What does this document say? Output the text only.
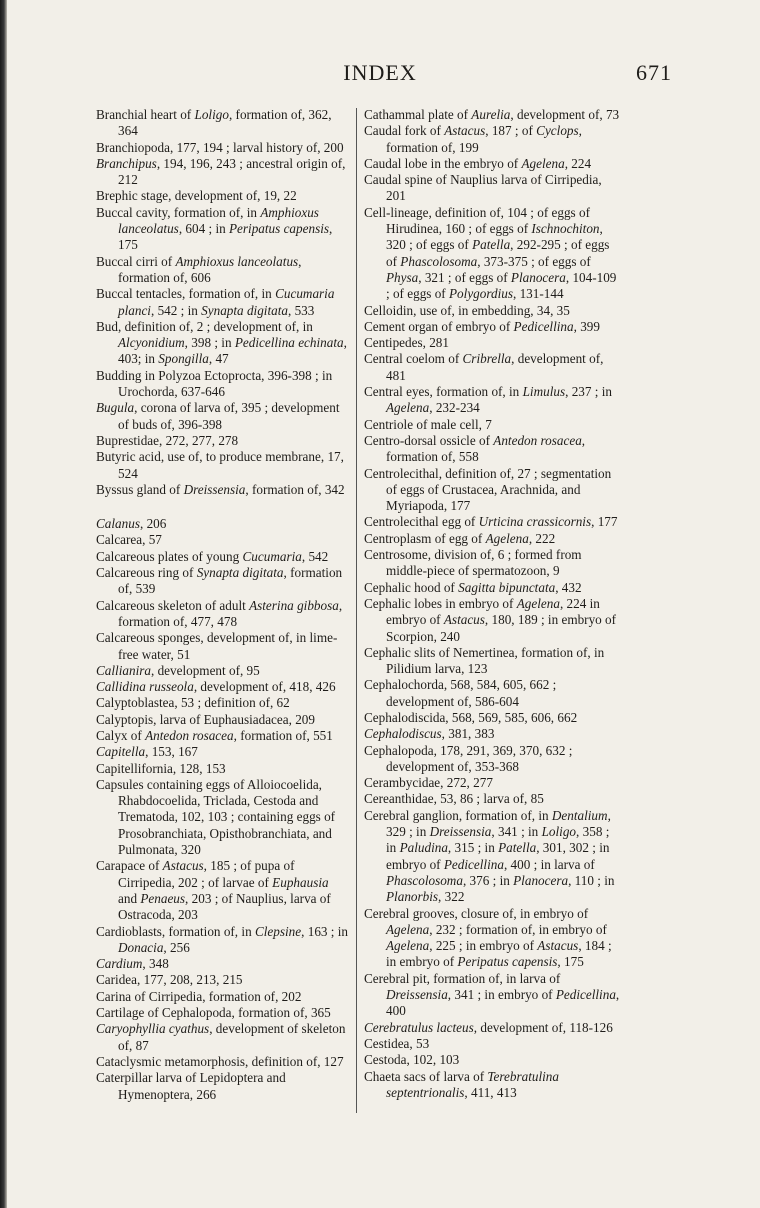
INDEX	671

Branchial heart of Loligo, formation of, 362, 364

Branchiopoda, 177, 194 ; larval history of, 200

Branchipus, 194, 196, 243 ; ancestral origin of, 212

Brephic stage, development of, 19, 22

Buccal cavity, formation of, in Amphioxus lanceolatus, 604 ; in Peripatus capensis, 175

Buccal cirri of Amphioxus lanceolatus, formation of, 606

Buccal tentacles, formation of, in Cucumaria planci, 542 ; in Synapta digitata, 533

Bud, definition of, 2 ; development of, in Alcyonidium, 398 ; in Pedicellina echinata, 403; in Spongilla, 47

Budding in Polyzoa Ectoprocta, 396-398 ; in Urochorda, 637-646

Bugula, corona of larva of, 395 ; development of buds of, 396-398

Buprestidae, 272, 277, 278

Butyric acid, use of, to produce membrane, 17, 524

Byssus gland of Dreissensia, formation of, 342

Calanus, 206

Calcarea, 57

Calcareous plates of young Cucumaria, 542

Calcareous ring of Synapta digitata, formation of, 539

Calcareous skeleton of adult Asterina gibbosa, formation of, 477, 478

Calcareous sponges, development of, in lime-free water, 51

Callianira, development of, 95

Callidina russeola, development of, 418, 426

Calyptoblastea, 53 ; definition of, 62

Calyptopis, larva of Euphausiadacea, 209

Calyx of Antedon rosacea, formation of, 551

Capitella, 153, 167

Capitellifornia, 128, 153

Capsules containing eggs of Alloiocoelida, Rhabdocoelida, Triclada, Cestoda and Trematoda, 102, 103 ; containing eggs of Prosobranchiata, Opisthobranchiata, and Pulmonata, 320

Carapace of Astacus, 185 ; of pupa of Cirripedia, 202 ; of larvae of Euphausia and Penaeus, 203 ; of Nauplius, larva of Ostracoda, 203

Cardioblasts, formation of, in Clepsine, 163 ; in Donacia, 256

Cardium, 348

Caridea, 177, 208, 213, 215

Carina of Cirripedia, formation of, 202

Cartilage of Cephalopoda, formation of, 365

Caryophyllia cyathus, development of skeleton of, 87

Cataclysmic metamorphosis, definition of, 127

Caterpillar larva of Lepidoptera and Hymenoptera, 266

Cathammal plate of Aurelia, development of, 73

Caudal fork of Astacus, 187 ; of Cyclops, formation of, 199

Caudal lobe in the embryo of Agelena, 224

Caudal spine of Nauplius larva of Cirripedia, 201

Cell-lineage, definition of, 104 ; of eggs of Hirudinea, 160 ; of eggs of Ischnochiton, 320 ; of eggs of Patella, 292-295 ; of eggs of Phascolosoma, 373-375 ; of eggs of Physa, 321 ; of eggs of Planocera, 104-109 ; of eggs of Polygordius, 131-144

Celloidin, use of, in embedding, 34, 35

Cement organ of embryo of Pedicellina, 399

Centipedes, 281

Central coelom of Cribrella, development of, 481

Central eyes, formation of, in Limulus, 237 ; in Agelena, 232-234

Centriole of male cell, 7

Centro-dorsal ossicle of Antedon rosacea, formation of, 558

Centrolecithal, definition of, 27 ; segmentation of eggs of Crustacea, Arachnida, and Myriapoda, 177

Centrolecithal egg of Urticina crassicornis, 177

Centroplasm of egg of Agelena, 222

Centrosome, division of, 6 ; formed from middle-piece of spermatozoon, 9

Cephalic hood of Sagitta bipunctata, 432

Cephalic lobes in embryo of Agelena, 224 in embryo of Astacus, 180, 189 ; in embryo of Scorpion, 240

Cephalic slits of Nemertinea, formation of, in Pilidium larva, 123

Cephalochorda, 568, 584, 605, 662 ; development of, 586-604

Cephalodiscida, 568, 569, 585, 606, 662

Cephalodiscus, 381, 383

Cephalopoda, 178, 291, 369, 370, 632 ; development of, 353-368

Cerambycidae, 272, 277

Cereanthidae, 53, 86 ; larva of, 85

Cerebral ganglion, formation of, in Dentalium, 329 ; in Dreissensia, 341 ; in Loligo, 358 ; in Paludina, 315 ; in Patella, 301, 302 ; in embryo of Pedicellina, 400 ; in larva of Phascolosoma, 376 ; in Planocera, 110 ; in Planorbis, 322

Cerebral grooves, closure of, in embryo of Agelena, 232 ; formation of, in embryo of Agelena, 225 ; in embryo of Astacus, 184 ; in embryo of Peripatus capensis, 175

Cerebral pit, formation of, in larva of Dreissensia, 341 ; in embryo of Pedicellina, 400

Cerebratulus lacteus, development of, 118-126

Cestidea, 53

Cestoda, 102, 103

Chaeta sacs of larva of Terebratulina septentrionalis, 411, 413
